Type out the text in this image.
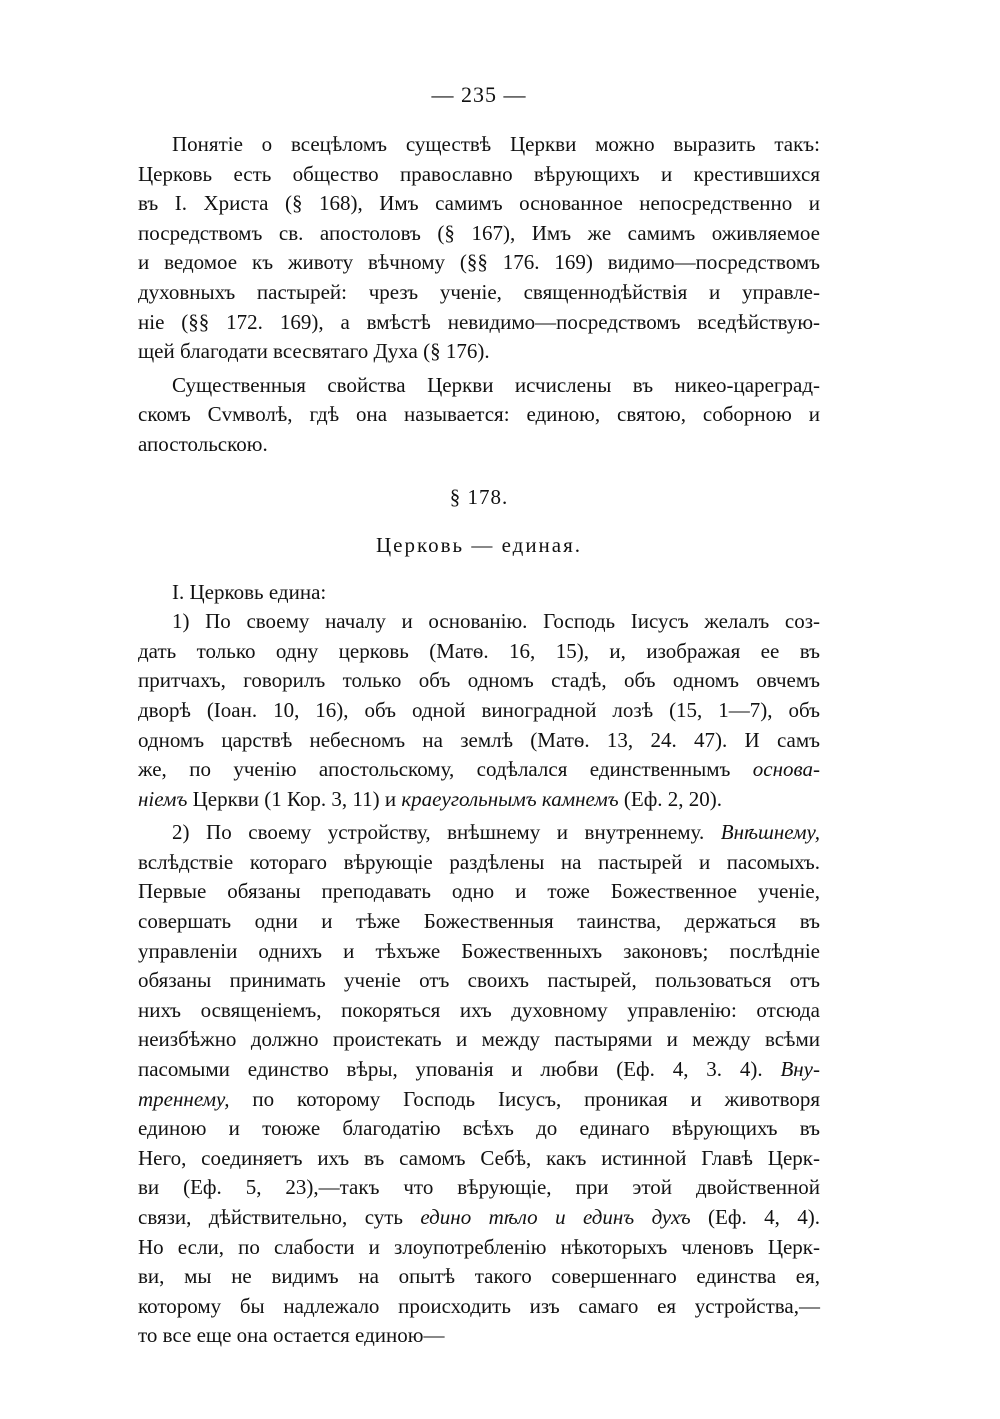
— 235 —
Понятіе о всецѣломъ существѣ Церкви можно выразить такъ:
Церковь есть общество православно вѣрующихъ и крестившихся
въ І. Христа (§ 168), Имъ самимъ основанное непосредственно и
посредствомъ св. апостоловъ (§ 167), Имъ же самимъ оживляемое
и ведомое къ животу вѣчному (§§ 176. 169) видимо—посредствомъ
духовныхъ пастырей: чрезъ ученіе, священнодѣйствія и управле-
ніе (§§ 172. 169), а вмѣстѣ невидимо—посредствомъ вседѣйствую-
щей благодати всесвятаго Духа (§ 176).
Существенныя свойства Церкви исчислены въ никео-цареград-
скомъ Сvмволѣ, гдѣ она называется: единою, святою, соборною и
апостольскою.
§ 178.
Церковь — единая.
I. Церковь едина:
1) По своему началу и основанію. Господь Іисусъ желалъ соз-
дать только одну церковь (Матѳ. 16, 15), и, изображая ее въ
притчахъ, говорилъ только объ одномъ стадѣ, объ одномъ овчемъ
дворѣ (Іоан. 10, 16), объ одной виноградной лозѣ (15, 1—7), объ
одномъ царствѣ небесномъ на землѣ (Матѳ. 13, 24. 47). И самъ
же, по ученію апостольскому, содѣлался единственнымъ основа-
ніемъ Церкви (1 Кор. 3, 11) и краеугольнымъ камнемъ (Еф. 2, 20).
2) По своему устройству, внѣшнему и внутреннему. Внѣшнему,
вслѣдствіе котораго вѣрующіе раздѣлены на пастырей и пасомыхъ.
Первые обязаны преподавать одно и тоже Божественное ученіе,
совершать одни и тѣже Божественныя таинства, держаться въ
управленіи однихъ и тѣхъже Божественныхъ законовъ; послѣдніе
обязаны принимать ученіе отъ своихъ пастырей, пользоваться отъ
нихъ освященіемъ, покоряться ихъ духовному управленію: отсюда
неизбѣжно должно проистекать и между пастырями и между всѣми
пасомыми единство вѣры, упованія и любви (Еф. 4, 3. 4). Вну-
треннему, по которому Господь Іисусъ, проникая и животворя
единою и тоюже благодатію всѣхъ до единаго вѣрующихъ въ
Него, соединяетъ ихъ въ самомъ Себѣ, какъ истинной Главѣ Церк-
ви (Еф. 5, 23),—такъ что вѣрующіе, при этой двойственной
связи, дѣйствительно, суть едино тѣло и единъ духъ (Еф. 4, 4).
Но если, по слабости и злоупотребленію нѣкоторыхъ членовъ Церк-
ви, мы не видимъ на опытѣ такого совершеннаго единства ея,
которому бы надлежало происходить изъ самаго ея устройства,—
то все еще она остается единою—
